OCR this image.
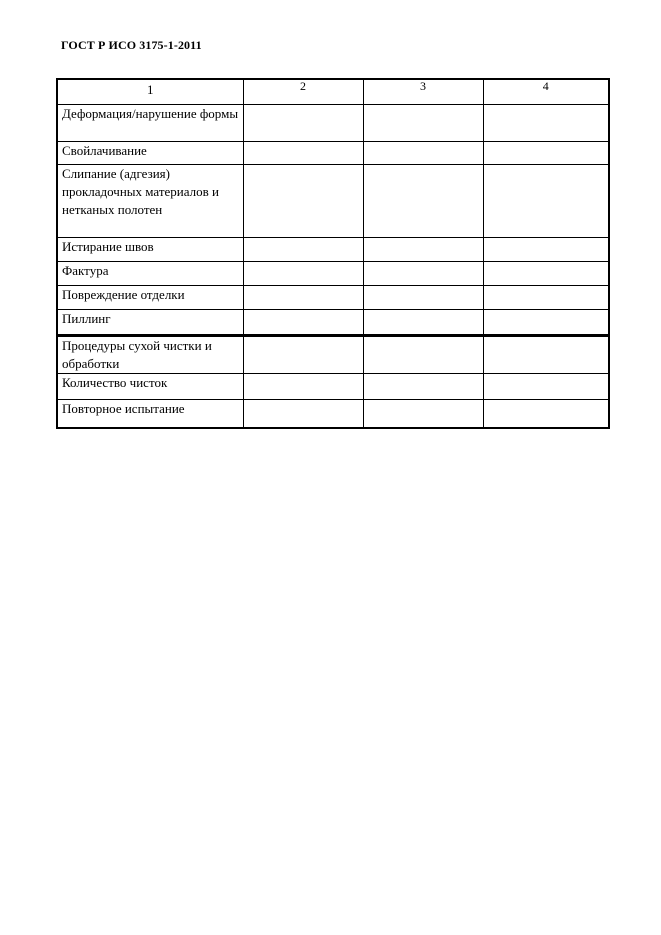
ГОСТ Р ИСО 3175-1-2011
1	2	3	4

Деформация/нарушение формы			

Свойлачивание			

Слипание (адгезия) прокладочных материалов и нетканых полотен			

Истирание швов			

Фактура			

Повреждение отделки			

Пиллинг			

Процедуры сухой чистки и обработки			

Количество чисток			

Повторное испытание			
